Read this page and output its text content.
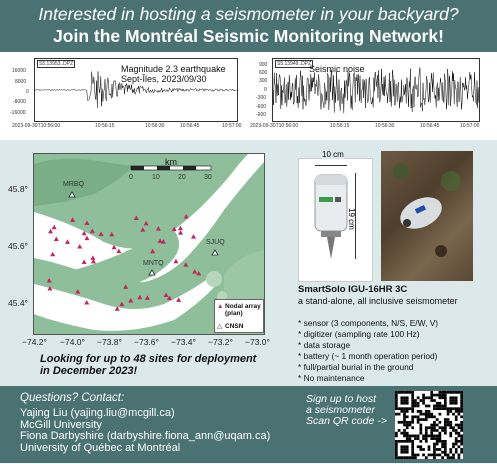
Interested in hosting a seismometer in your backyard?
Join the Montréal Seismic Monitoring Network!
S5.13953..DPZ	Magnitude 2.3 earthquake
Sept-Îles, 2023/09/30
16000
8000
0
-8000
-16000
2023-09-30T10:56:00	10:56:15	10:56:30	10:56:45	10:57:00
S5.13949..DPZ
Seismic noise
900
600
300
0
-300
-600
-900
2023-09-30T10:56:00	10:56:15	10:56:30	10:56:45	10:57:00
km
0	10	20	30
MRBQ
SJUQ
MNTQ
▲ Nodal array (plan)
△ CNSN
45.8°
45.6°
45.4°
−74.2° −74.0° −73.8° −73.6° −73.4° −73.2° −73.0°
Looking for up to 48 sites for deployment
in December 2023!
10 cm
19 cm
SmartSolo IGU-16HR 3C
a stand-alone, all inclusive seismometer
* sensor (3 components, N/S, E/W, V)
* digitizer (sampling rate 100 Hz)
* data storage
* battery (~ 1 month operation period)
* full/partial burial in the ground
* No maintenance
Questions? Contact:
Yajing Liu (yajing.liu@mcgill.ca)
McGill University
Fiona Darbyshire (darbyshire.fiona_ann@uqam.ca)
University of Québec at Montréal
Sign up to host
a seismometer
Scan QR code ->
